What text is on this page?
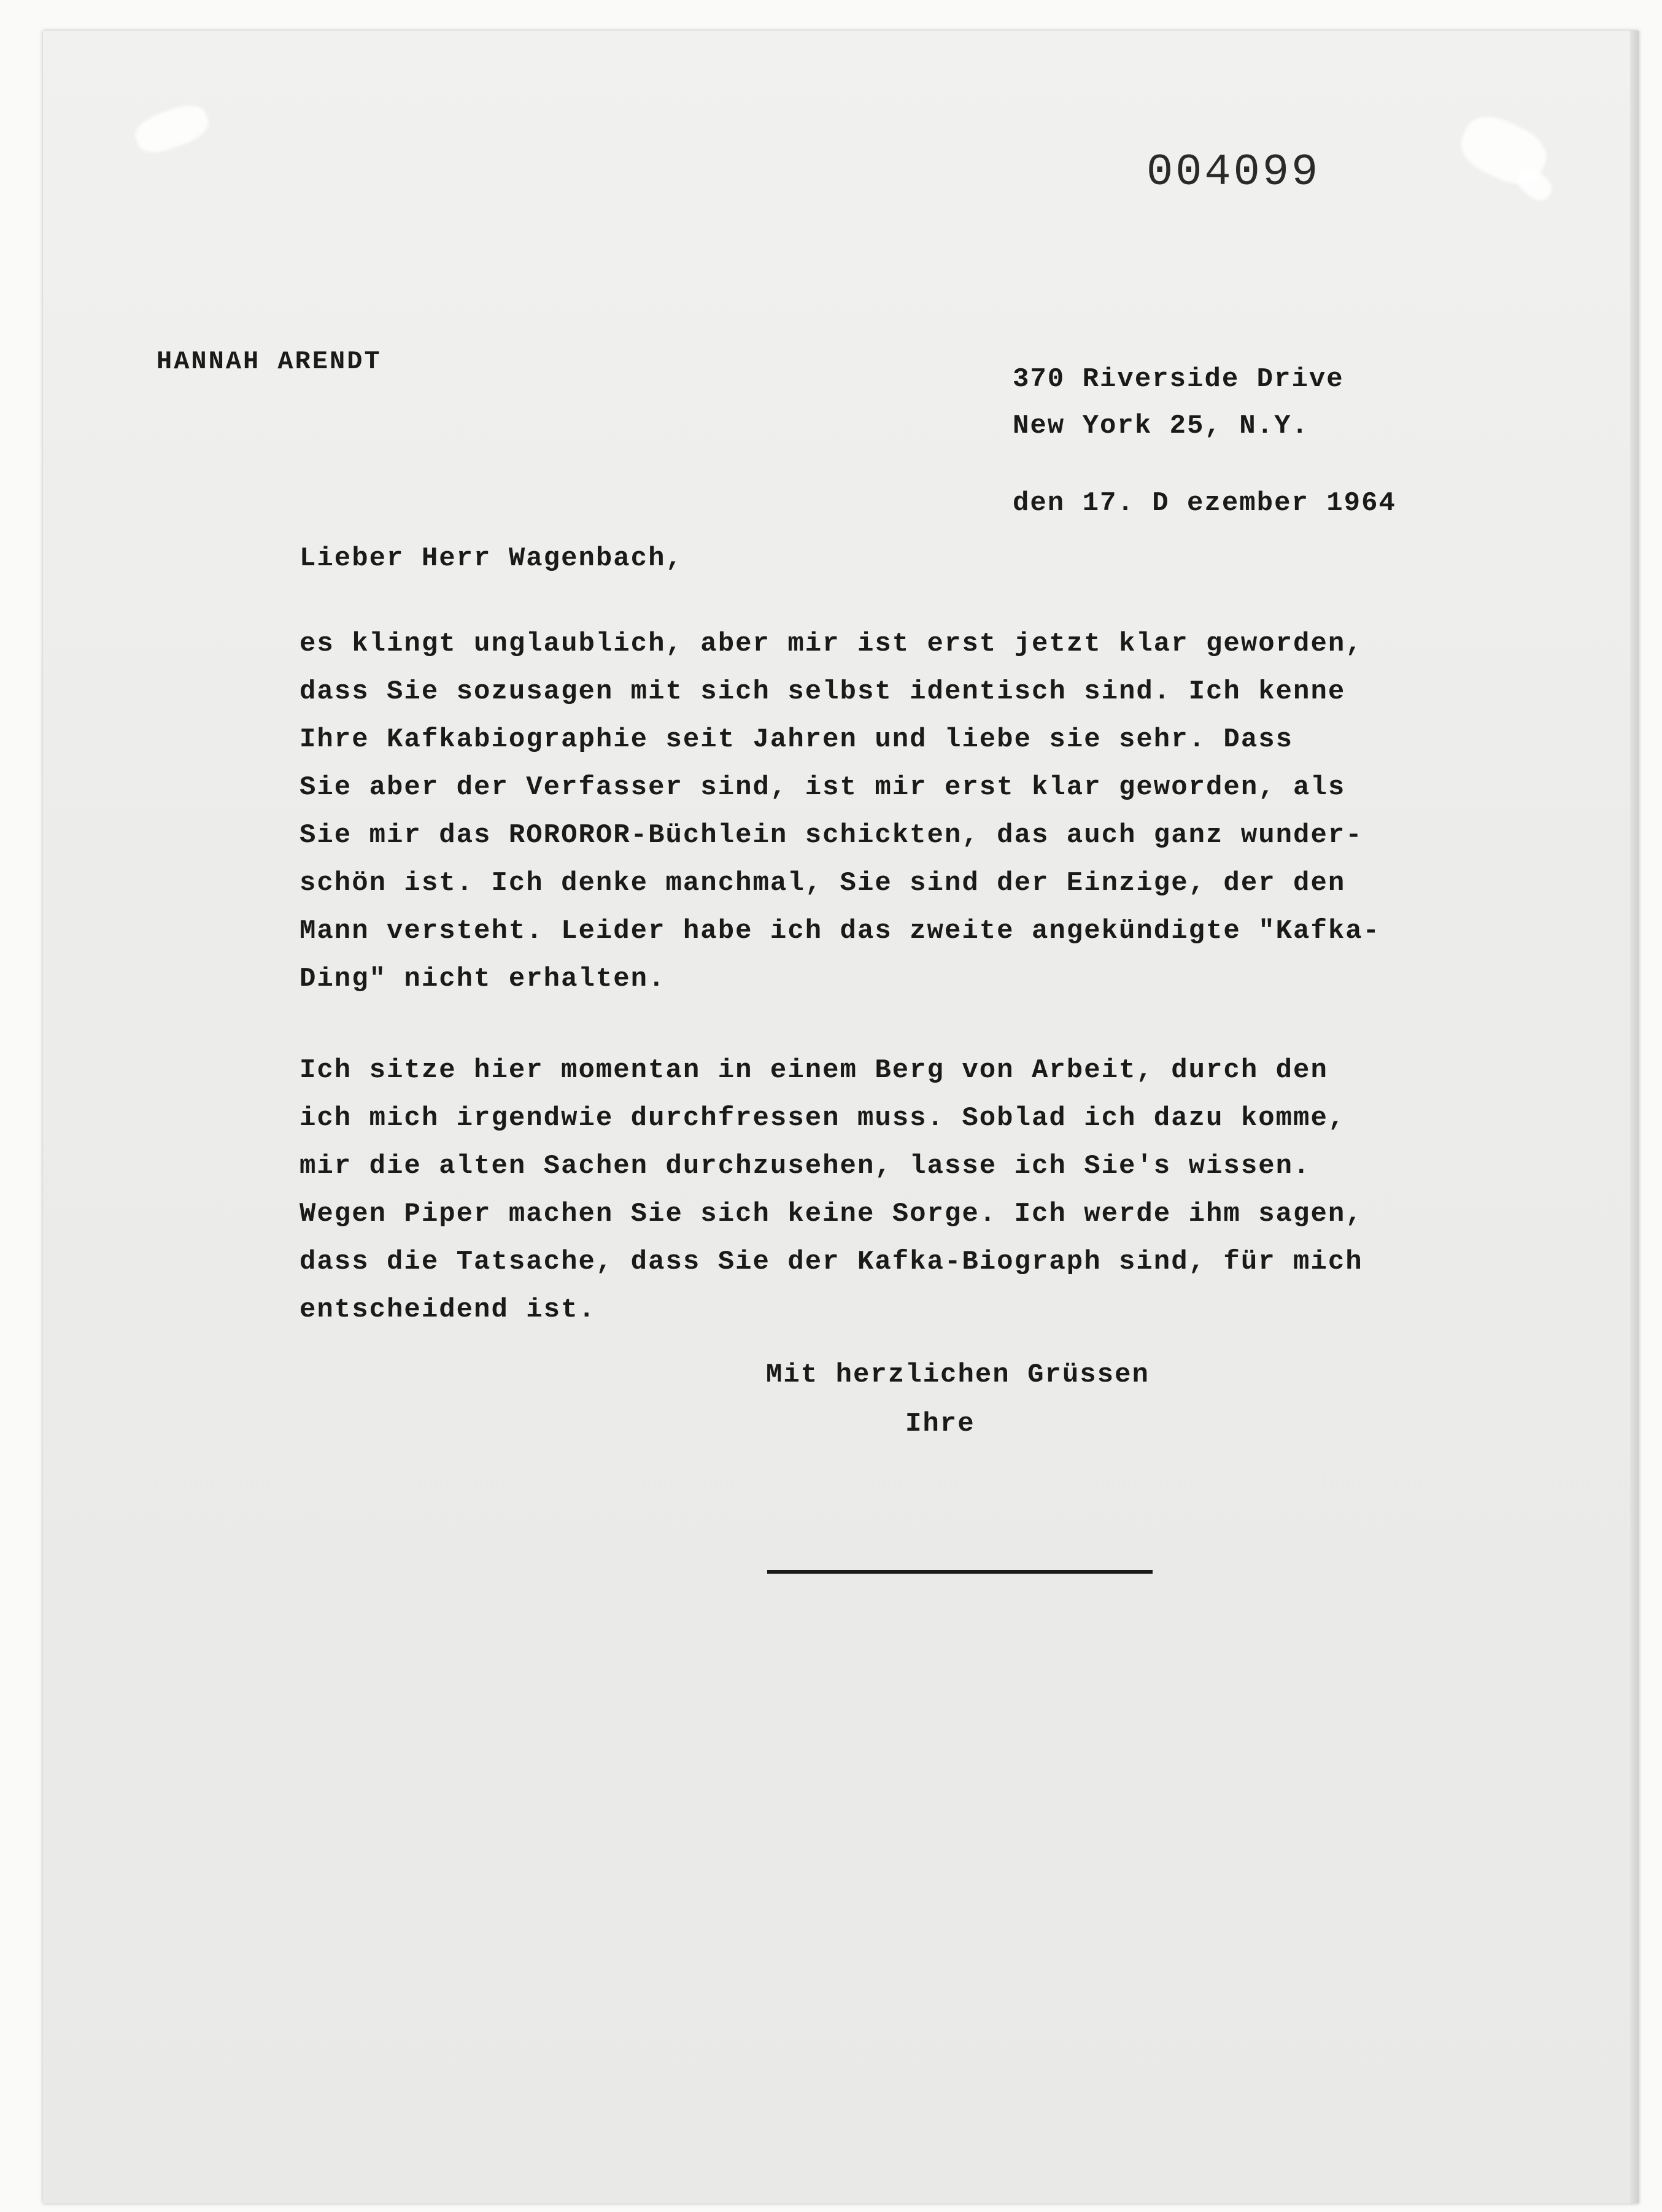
004099
HANNAH ARENDT
370 Riverside Drive
New York 25, N.Y.
den 17. D ezember 1964
Lieber Herr Wagenbach,
es klingt unglaublich, aber mir ist erst jetzt klar geworden,
dass Sie sozusagen mit sich selbst identisch sind. Ich kenne
Ihre Kafkabiographie seit Jahren und liebe sie sehr. Dass
Sie aber der Verfasser sind, ist mir erst klar geworden, als
Sie mir das ROROROR-Büchlein schickten, das auch ganz wunder-
schön ist. Ich denke manchmal, Sie sind der Einzige, der den
Mann versteht. Leider habe ich das zweite angekündigte "Kafka-
Ding" nicht erhalten.
Ich sitze hier momentan in einem Berg von Arbeit, durch den
ich mich irgendwie durchfressen muss. Soblad ich dazu komme,
mir die alten Sachen durchzusehen, lasse ich Sie's wissen.
Wegen Piper machen Sie sich keine Sorge. Ich werde ihm sagen,
dass die Tatsache, dass Sie der Kafka-Biograph sind, für mich
entscheidend ist.
Mit herzlichen Grüssen
Ihre
